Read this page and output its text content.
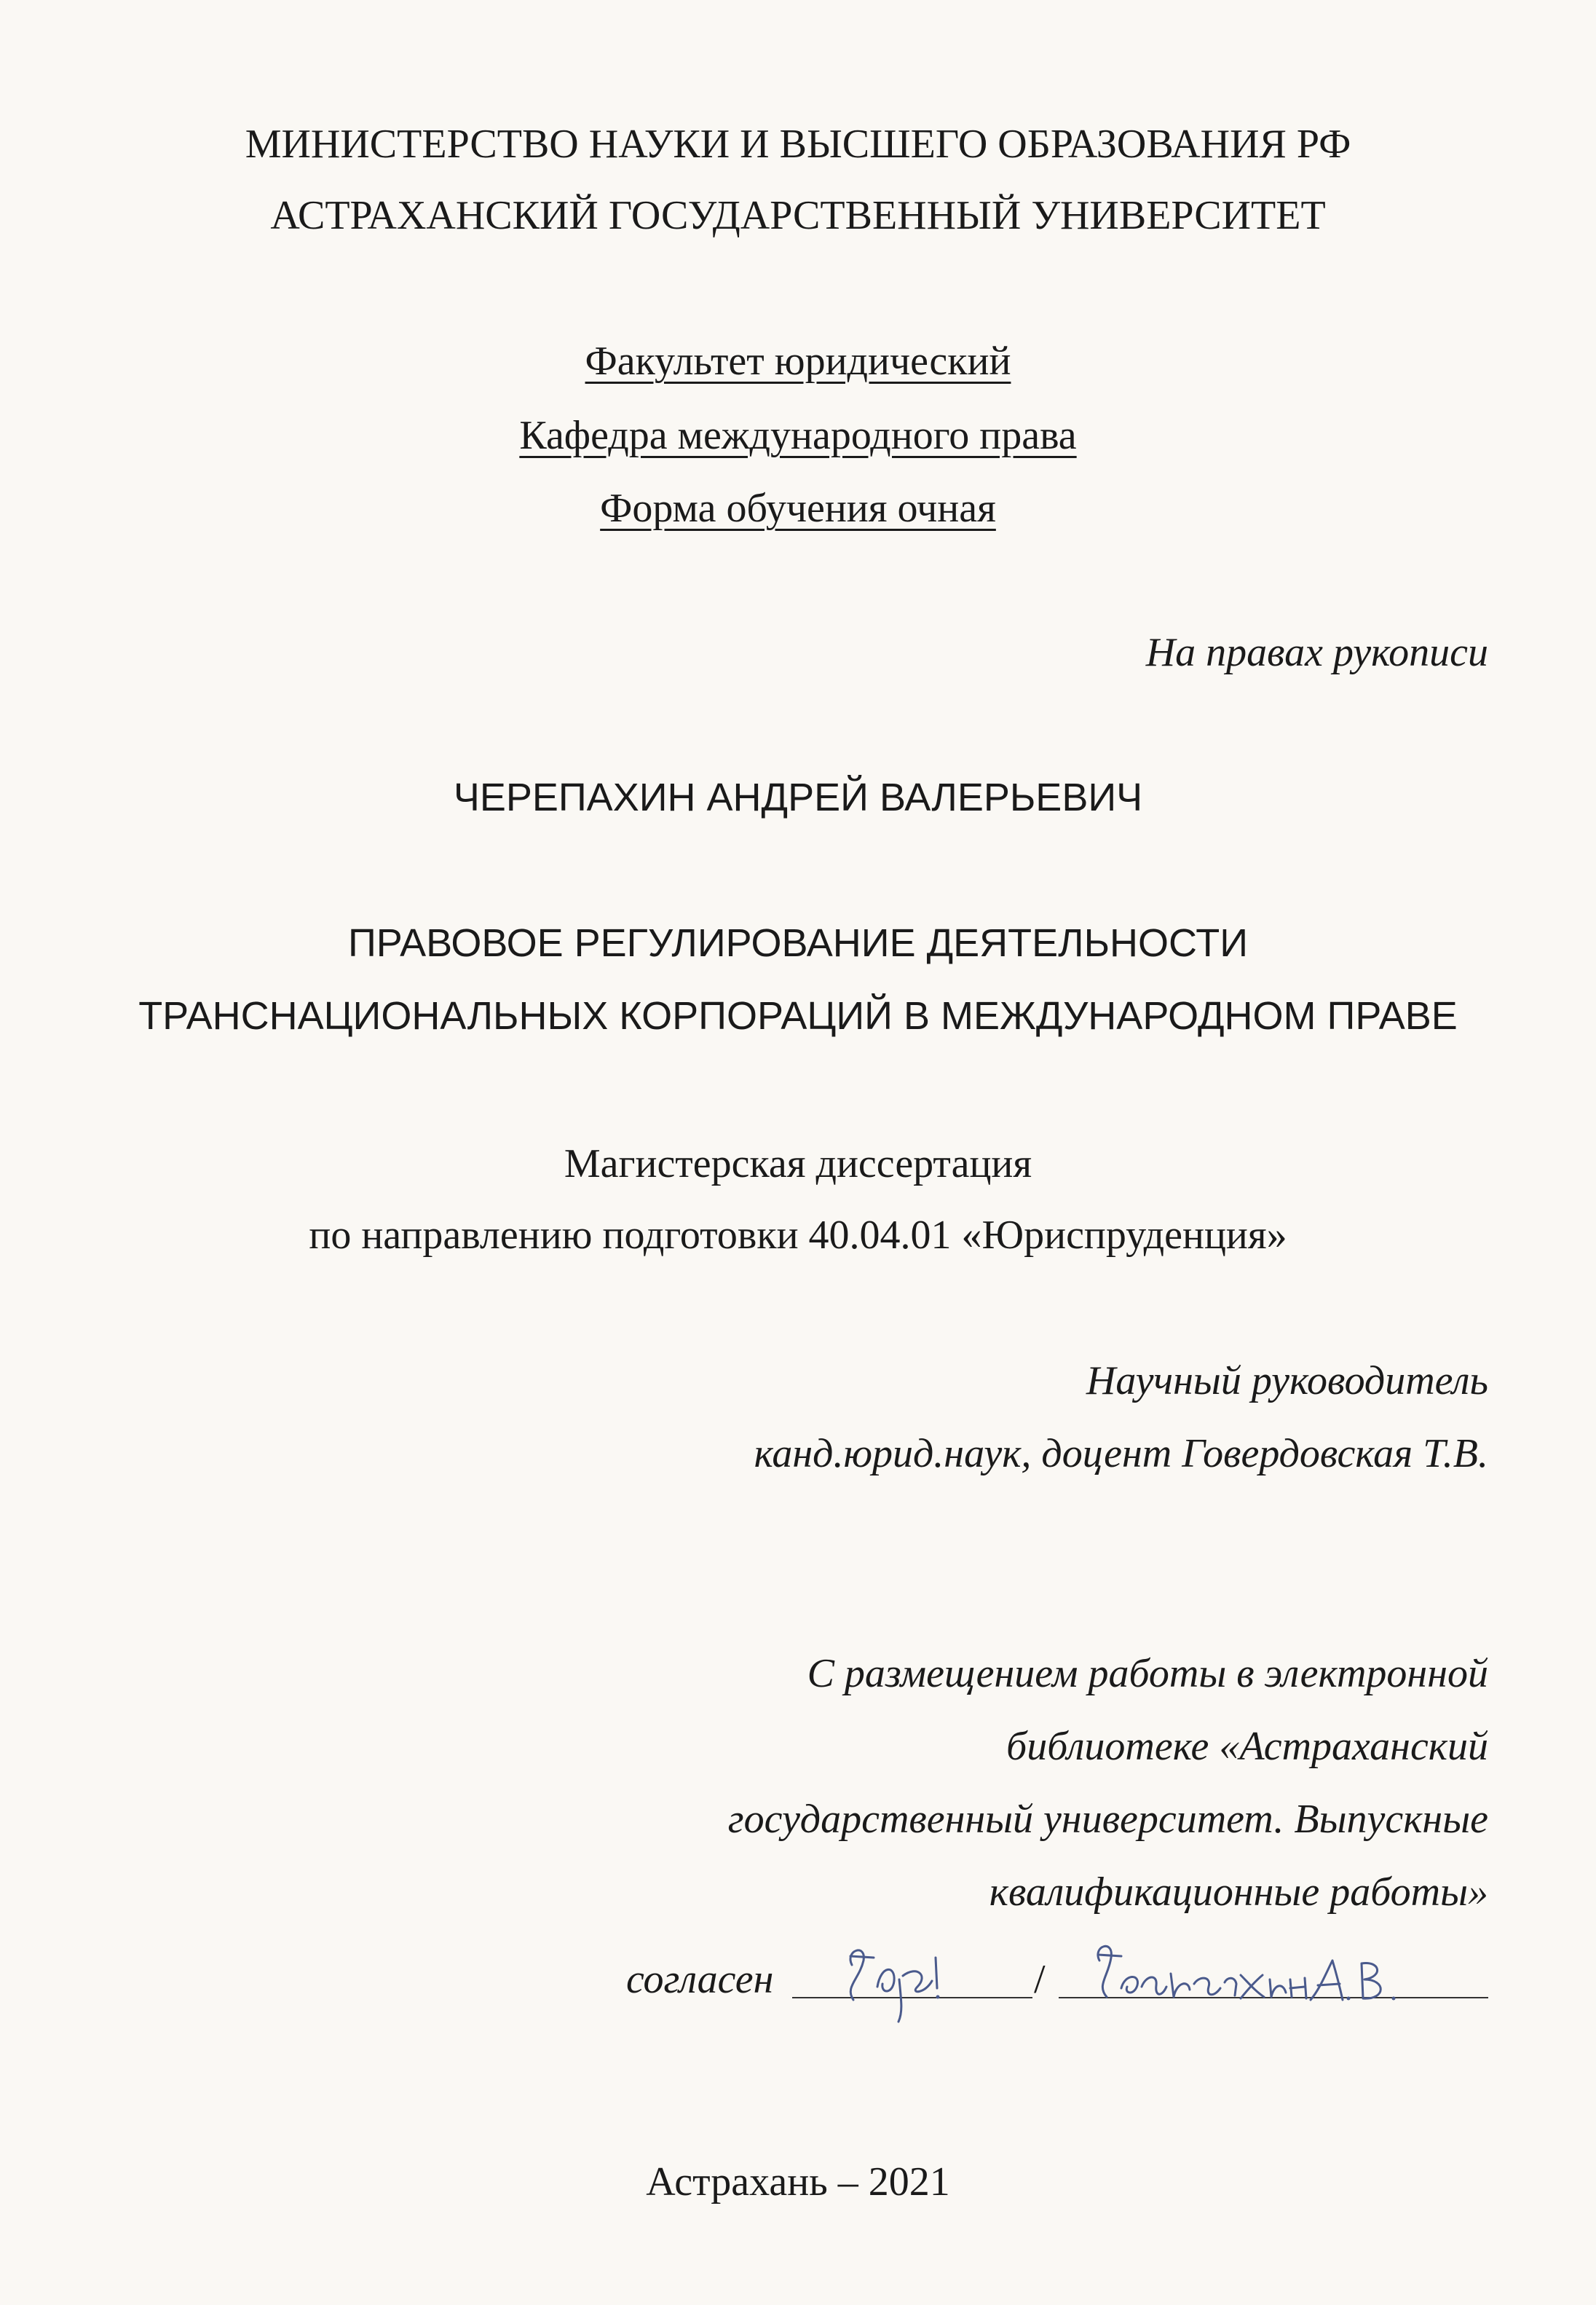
МИНИСТЕРСТВО НАУКИ И ВЫСШЕГО ОБРАЗОВАНИЯ РФ
АСТРАХАНСКИЙ ГОСУДАРСТВЕННЫЙ УНИВЕРСИТЕТ
Факультет юридический
Кафедра международного права
Форма обучения очная
На правах рукописи
ЧЕРЕПАХИН АНДРЕЙ ВАЛЕРЬЕВИЧ
ПРАВОВОЕ РЕГУЛИРОВАНИЕ ДЕЯТЕЛЬНОСТИ
ТРАНСНАЦИОНАЛЬНЫХ КОРПОРАЦИЙ В МЕЖДУНАРОДНОМ ПРАВЕ
Магистерская диссертация
по направлению подготовки 40.04.01 «Юриспруденция»
Научный руководитель
канд.юрид.наук, доцент Говердовская Т.В.
С размещением работы в электронной
библиотеке «Астраханский
государственный университет. Выпускные
квалификационные работы»
согласен	/
Астрахань – 2021
